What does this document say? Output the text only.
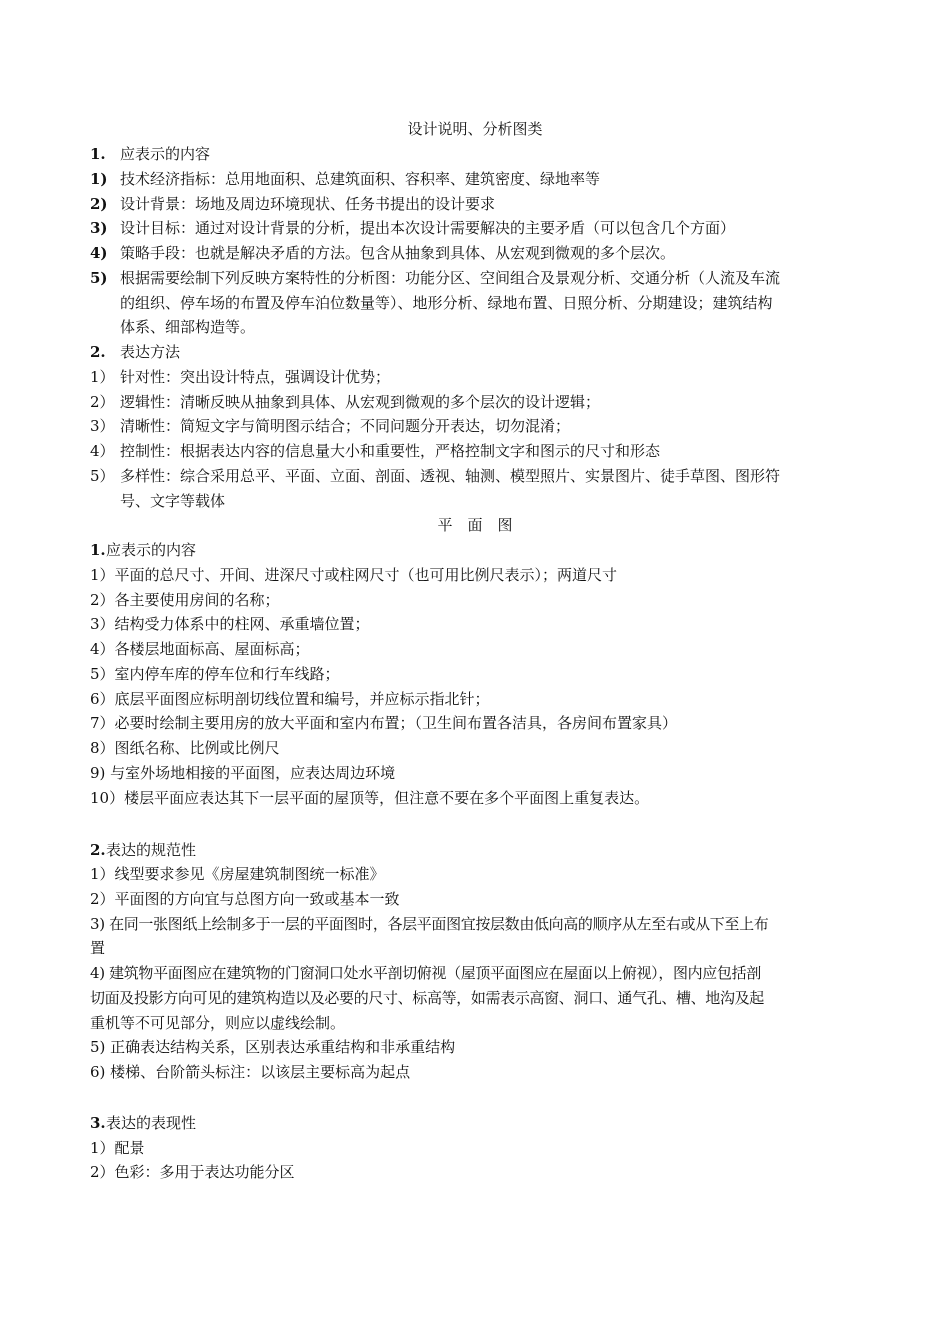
设计说明、分析图类
1. 应表示的内容
1) 技术经济指标：总用地面积、总建筑面积、容积率、建筑密度、绿地率等
2) 设计背景：场地及周边环境现状、任务书提出的设计要求
3) 设计目标：通过对设计背景的分析，提出本次设计需要解决的主要矛盾（可以包含几个方面）
4) 策略手段：也就是解决矛盾的方法。包含从抽象到具体、从宏观到微观的多个层次。
5) 根据需要绘制下列反映方案特性的分析图：功能分区、空间组合及景观分析、交通分析（人流及车流
的组织、停车场的布置及停车泊位数量等）、地形分析、绿地布置、日照分析、分期建设；建筑结构
体系、细部构造等。
2. 表达方法
1） 针对性：突出设计特点，强调设计优势；
2） 逻辑性：清晰反映从抽象到具体、从宏观到微观的多个层次的设计逻辑；
3） 清晰性：简短文字与简明图示结合；不同问题分开表达，切勿混淆；
4） 控制性：根据表达内容的信息量大小和重要性，严格控制文字和图示的尺寸和形态
5） 多样性：综合采用总平、平面、立面、剖面、透视、轴测、模型照片、实景图片、徒手草图、图形符
号、文字等载体
平　面　图
1. 应表示的内容
1）平面的总尺寸、开间、进深尺寸或柱网尺寸（也可用比例尺表示）；两道尺寸
2）各主要使用房间的名称；
3）结构受力体系中的柱网、承重墙位置；
4）各楼层地面标高、屋面标高；
5）室内停车库的停车位和行车线路；
6）底层平面图应标明剖切线位置和编号，并应标示指北针；
7）必要时绘制主要用房的放大平面和室内布置；（卫生间布置各洁具，各房间布置家具）
8）图纸名称、比例或比例尺
9) 与室外场地相接的平面图，应表达周边环境
10）楼层平面应表达其下一层平面的屋顶等，但注意不要在多个平面图上重复表达。
2. 表达的规范性
1）线型要求参见《房屋建筑制图统一标准》
2）平面图的方向宜与总图方向一致或基本一致
3) 在同一张图纸上绘制多于一层的平面图时，各层平面图宜按层数由低向高的顺序从左至右或从下至上布
置
4) 建筑物平面图应在建筑物的门窗洞口处水平剖切俯视（屋顶平面图应在屋面以上俯视），图内应包括剖
切面及投影方向可见的建筑构造以及必要的尺寸、标高等，如需表示高窗、洞口、通气孔、槽、地沟及起
重机等不可见部分，则应以虚线绘制。
5) 正确表达结构关系，区别表达承重结构和非承重结构
6) 楼梯、台阶箭头标注：以该层主要标高为起点
3. 表达的表现性
1）配景
2）色彩：多用于表达功能分区
